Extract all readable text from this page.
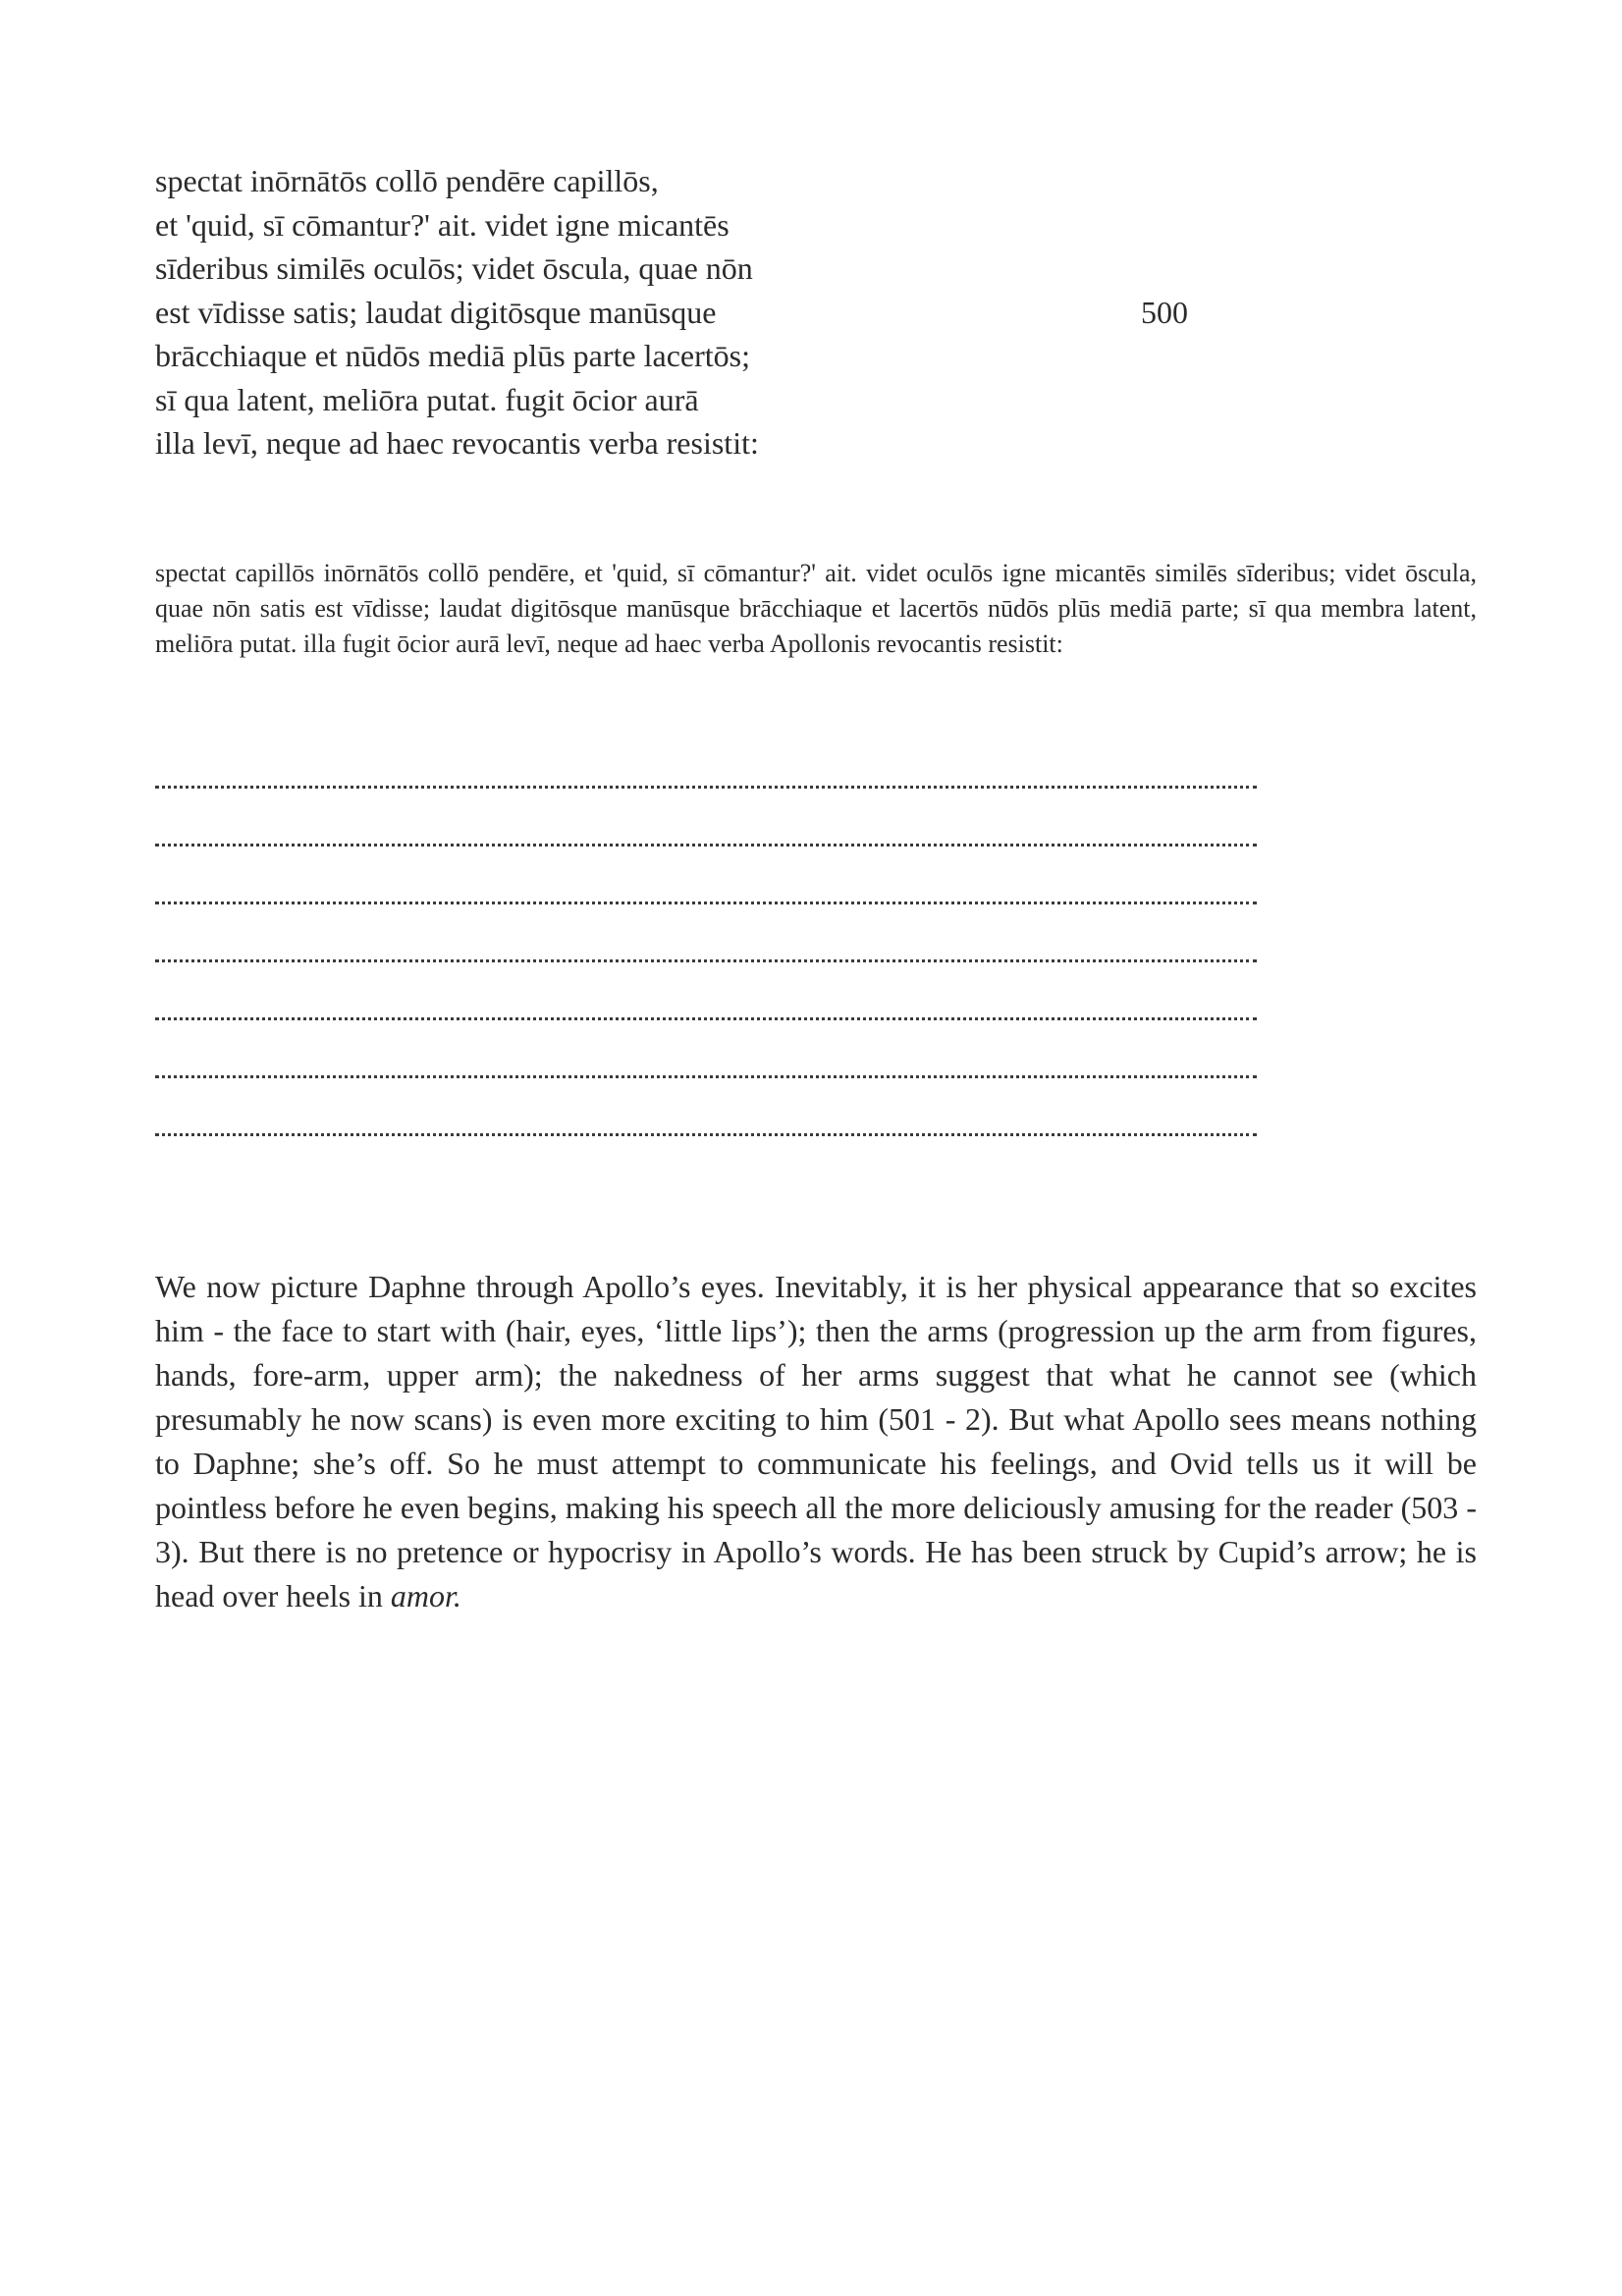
spectat inōrnātōs collō pendēre capillōs,
et 'quid, sī cōmantur?' ait. videt igne micantēs
sīderibus similēs oculōs; videt ōscula, quae nōn
est vīdisse satis; laudat digitōsque manūsque	500
brācchiaque et nūdōs mediā plūs parte lacertōs;
sī qua latent, meliōra putat. fugit ōcior aurā
illa levī, neque ad haec revocantis verba resistit:
spectat capillōs inōrnātōs collō pendēre, et 'quid, sī cōmantur?' ait. videt oculōs igne micantēs similēs sīderibus; videt ōscula, quae nōn satis est vīdisse; laudat digitōsque manūsque brācchiaque et lacertōs nūdōs plūs mediā parte; sī qua membra latent, meliōra putat. illa fugit ōcior aurā levī, neque ad haec verba Apollonis revocantis resistit:
We now picture Daphne through Apollo’s eyes. Inevitably, it is her physical appearance that so excites him - the face to start with (hair, eyes, ‘little lips’); then the arms (progression up the arm from figures, hands, fore-arm, upper arm); the nakedness of her arms suggest that what he cannot see (which presumably he now scans) is even more exciting to him (501 - 2). But what Apollo sees means nothing to Daphne; she’s off. So he must attempt to communicate his feelings, and Ovid tells us it will be pointless before he even begins, making his speech all the more deliciously amusing for the reader (503 - 3). But there is no pretence or hypocrisy in Apollo’s words. He has been struck by Cupid’s arrow; he is head over heels in amor.
